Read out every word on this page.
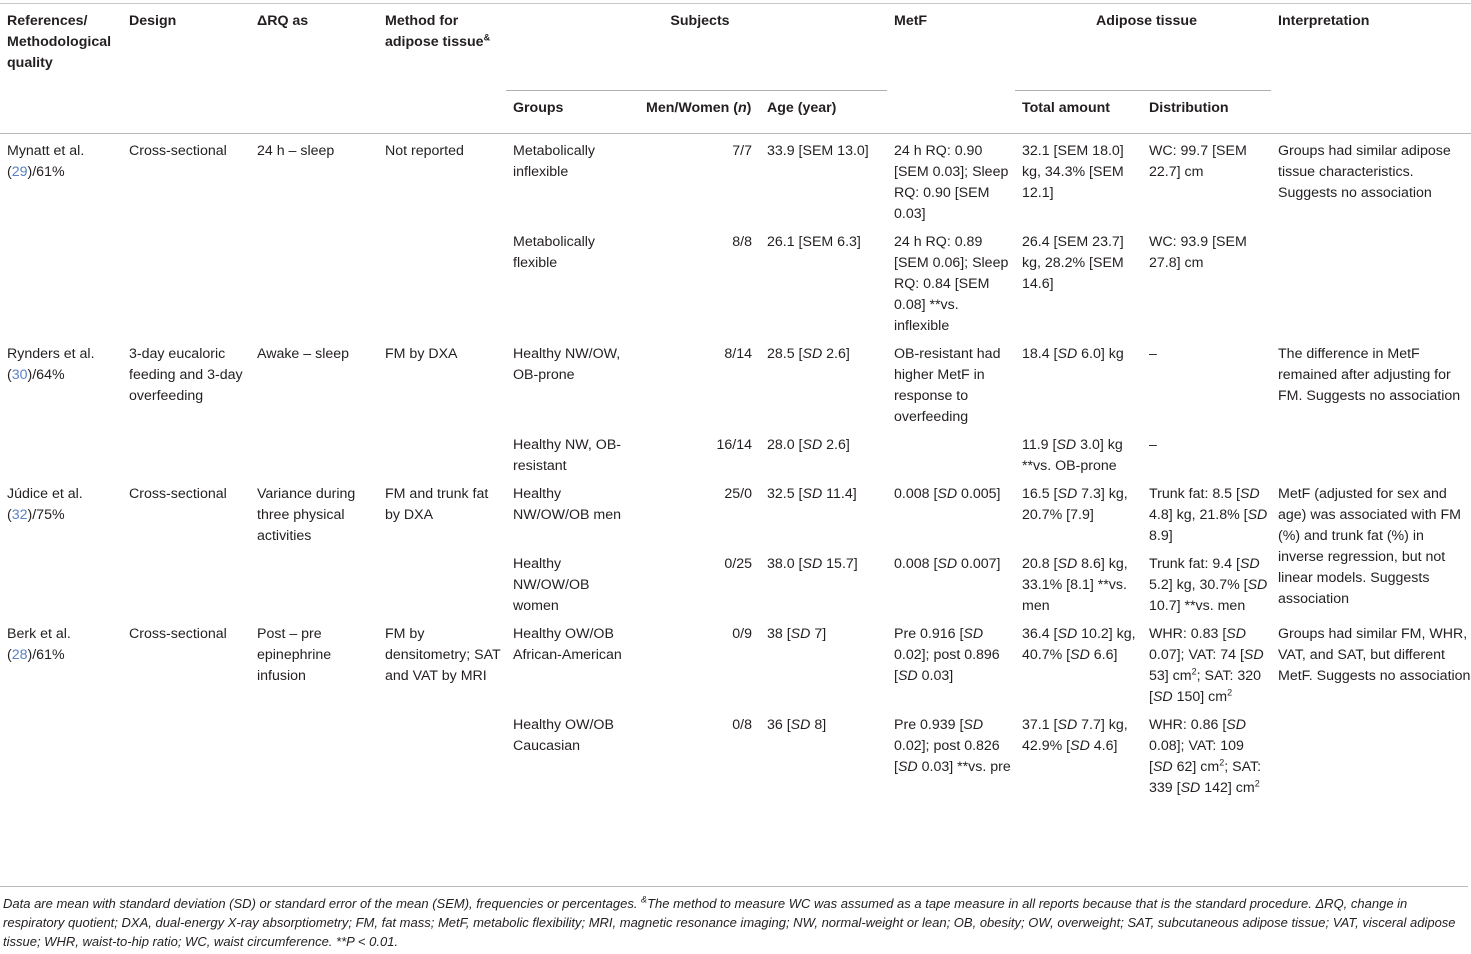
References/ Methodological quality	Design	ΔRQ as	Method for adipose tissue&	Subjects			MetF	Adipose tissue		Interpretation
				Groups	Men/Women (n)	Age (year)		Total amount	Distribution	
Mynatt et al. (29)/61%	Cross-sectional	24 h – sleep	Not reported	Metabolically inflexible	7/7	33.9 [SEM 13.0]	24 h RQ: 0.90 [SEM 0.03]; Sleep RQ: 0.90 [SEM 0.03]	32.1 [SEM 18.0] kg, 34.3% [SEM 12.1]	WC: 99.7 [SEM 22.7] cm	Groups had similar adipose tissue characteristics. Suggests no association
				Metabolically flexible	8/8	26.1 [SEM 6.3]	24 h RQ: 0.89 [SEM 0.06]; Sleep RQ: 0.84 [SEM 0.08] **vs. inflexible	26.4 [SEM 23.7] kg, 28.2% [SEM 14.6]	WC: 93.9 [SEM 27.8] cm	
Rynders et al. (30)/64%	3-day eucaloric feeding and 3-day overfeeding	Awake – sleep	FM by DXA	Healthy NW/OW, OB-prone	8/14	28.5 [SD 2.6]	OB-resistant had higher MetF in response to overfeeding	18.4 [SD 6.0] kg	–	The difference in MetF remained after adjusting for FM. Suggests no association
				Healthy NW, OB-resistant	16/14	28.0 [SD 2.6]		11.9 [SD 3.0] kg **vs. OB-prone	–	
Júdice et al. (32)/75%	Cross-sectional	Variance during three physical activities	FM and trunk fat by DXA	Healthy NW/OW/OB men	25/0	32.5 [SD 11.4]	0.008 [SD 0.005]	16.5 [SD 7.3] kg, 20.7% [7.9]	Trunk fat: 8.5 [SD 4.8] kg, 21.8% [SD 8.9]	MetF (adjusted for sex and age) was associated with FM (%) and trunk fat (%) in inverse regression, but not linear models. Suggests association
				Healthy NW/OW/OB women	0/25	38.0 [SD 15.7]	0.008 [SD 0.007]	20.8 [SD 8.6] kg, 33.1% [8.1] **vs. men	Trunk fat: 9.4 [SD 5.2] kg, 30.7% [SD 10.7] **vs. men	
Berk et al. (28)/61%	Cross-sectional	Post – pre epinephrine infusion	FM by densitometry; SAT and VAT by MRI	Healthy OW/OB African-American	0/9	38 [SD 7]	Pre 0.916 [SD 0.02]; post 0.896 [SD 0.03]	36.4 [SD 10.2] kg, 40.7% [SD 6.6]	WHR: 0.83 [SD 0.07]; VAT: 74 [SD 53] $cm^2$; SAT: 320 [SD 150] $cm^2$	Groups had similar FM, WHR, VAT, and SAT, but different MetF. Suggests no association
				Healthy OW/OB Caucasian	0/8	36 [SD 8]	Pre 0.939 [SD 0.02]; post 0.826 [SD 0.03] **vs. pre	37.1 [SD 7.7] kg, 42.9% [SD 4.6]	WHR: 0.86 [SD 0.08]; VAT: 109 [SD 62] $cm^2$; SAT: 339 [SD 142] $cm^2$
Data are mean with standard deviation (SD) or standard error of the mean (SEM), frequencies or percentages. &The method to measure WC was assumed as a tape measure in all reports because that is the standard procedure. ΔRQ, change in respiratory quotient; DXA, dual-energy X-ray absorptiometry; FM, fat mass; MetF, metabolic flexibility; MRI, magnetic resonance imaging; NW, normal-weight or lean; OB, obesity; OW, overweight; SAT, subcutaneous adipose tissue; VAT, visceral adipose tissue; WHR, waist-to-hip ratio; WC, waist circumference. **P < 0.01.
